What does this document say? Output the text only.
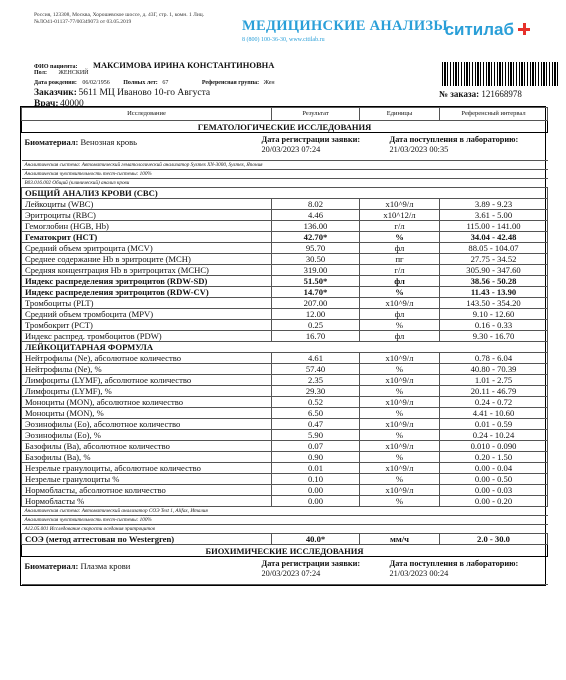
Россия, 123308, Москва, Хорошевское шоссе, д. 43Г, стр. 1, комн. 1 Лиц. №ЛО41-01137-77/00349073 от 03.05.2019	МЕДИЦИНСКИЕ АНАЛИЗЫ
8 (800) 100-36-30, www.citilab.ru
ситилаб
ФИО пациента: МАКСИМОВА ИРИНА КОНСТАНТИНОВНА
Пол: ЖЕНСКИЙ
Дата рождения: 06/02/1956 Полных лет: 67	Референсная группа: Жен
Заказчик: 5611 МЦ Иваново 10-го Августа
Врач: 40000
№ заказа: 121668978
Исследование	Результат	Единицы	Референсный интервал
ГЕМАТОЛОГИЧЕСКИЕ ИССЛЕДОВАНИЯ			

Биоматериал: Венозная кровь Дата регистрации заявки:
20/03/2023 07:24
Дата поступления в лабораторию:
21/03/2023 00:35			

Аналитическая система: Автоматический гематологический анализатор Sysmex XN-3000, Sysmex, Япония			
Аналитическая чувствительность тест-системы: 100%			
B03.016.002 Общий (клинический) анализ крови			
ОБЩИЙ АНАЛИЗ КРОВИ (CBC)			
Лейкоциты (WBC)	8.02	x10^9/л	3.89 - 9.23
Эритроциты (RBC)	4.46	x10^12/л	3.61 - 5.00
Гемоглобин (HGB, Hb)	136.00	г/л	115.00 - 141.00
Гематокрит (HCT)	42.70*	%	34.04 - 42.48
Средний объем эритроцита (MCV)	95.70	фл	88.05 - 104.07
Среднее содержание Hb в эритроците (MCH)	30.50	пг	27.75 - 34.52
Средняя концентрация Hb в эритроцитах (MCHC)	319.00	г/л	305.90 - 347.60
Индекс распределения эритроцитов (RDW-SD)	51.50*	фл	38.56 - 50.28
Индекс распределения эритроцитов (RDW-CV)	14.70*	%	11.43 - 13.90
Тромбоциты (PLT)	207.00	x10^9/л	143.50 - 354.20
Средний объем тромбоцита (MPV)	12.00	фл	9.10 - 12.60
Тромбокрит (PCT)	0.25	%	0.16 - 0.33
Индекс распред. тромбоцитов (PDW)	16.70	фл	9.30 - 16.70
ЛЕЙКОЦИТАРНАЯ ФОРМУЛА			
Нейтрофилы (Ne), абсолютное количество	4.61	x10^9/л	0.78 - 6.04
Нейтрофилы (Ne), %	57.40	%	40.80 - 70.39
Лимфоциты (LYMF), абсолютное количество	2.35	x10^9/л	1.01 - 2.75
Лимфоциты (LYMF), %	29.30	%	20.11 - 46.79
Моноциты (MON), абсолютное количество	0.52	x10^9/л	0.24 - 0.72
Моноциты (MON), %	6.50	%	4.41 - 10.60
Эозинофилы (Eo), абсолютное количество	0.47	x10^9/л	0.01 - 0.59
Эозинофилы (Eo), %	5.90	%	0.24 - 10.24
Базофилы (Ba), абсолютное количество	0.07	x10^9/л	0.010 - 0.090
Базофилы (Ba), %	0.90	%	0.20 - 1.50
Незрелые гранулоциты, абсолютное количество	0.01	x10^9/л	0.00 - 0.04
Незрелые гранулоциты %	0.10	%	0.00 - 0.50
Нормобласты, абсолютное количество	0.00	x10^9/л	0.00 - 0.03
Нормобласты %	0.00	%	0.00 - 0.20
Аналитическая система: Автоматический анализатор СОЭ Test 1, Alifax, Италия			
Аналитическая чувствительность тест-системы: 100%			
A12.05.001 Исследование скорости оседания эритроцитов			
СОЭ (метод аттестован по Westergren)	40.0*	мм/ч	2.0 - 30.0
БИОХИМИЧЕСКИЕ ИССЛЕДОВАНИЯ			

Биоматериал: Плазма крови Дата регистрации заявки:
20/03/2023 07:24
Дата поступления в лабораторию:
21/03/2023 00:24			
